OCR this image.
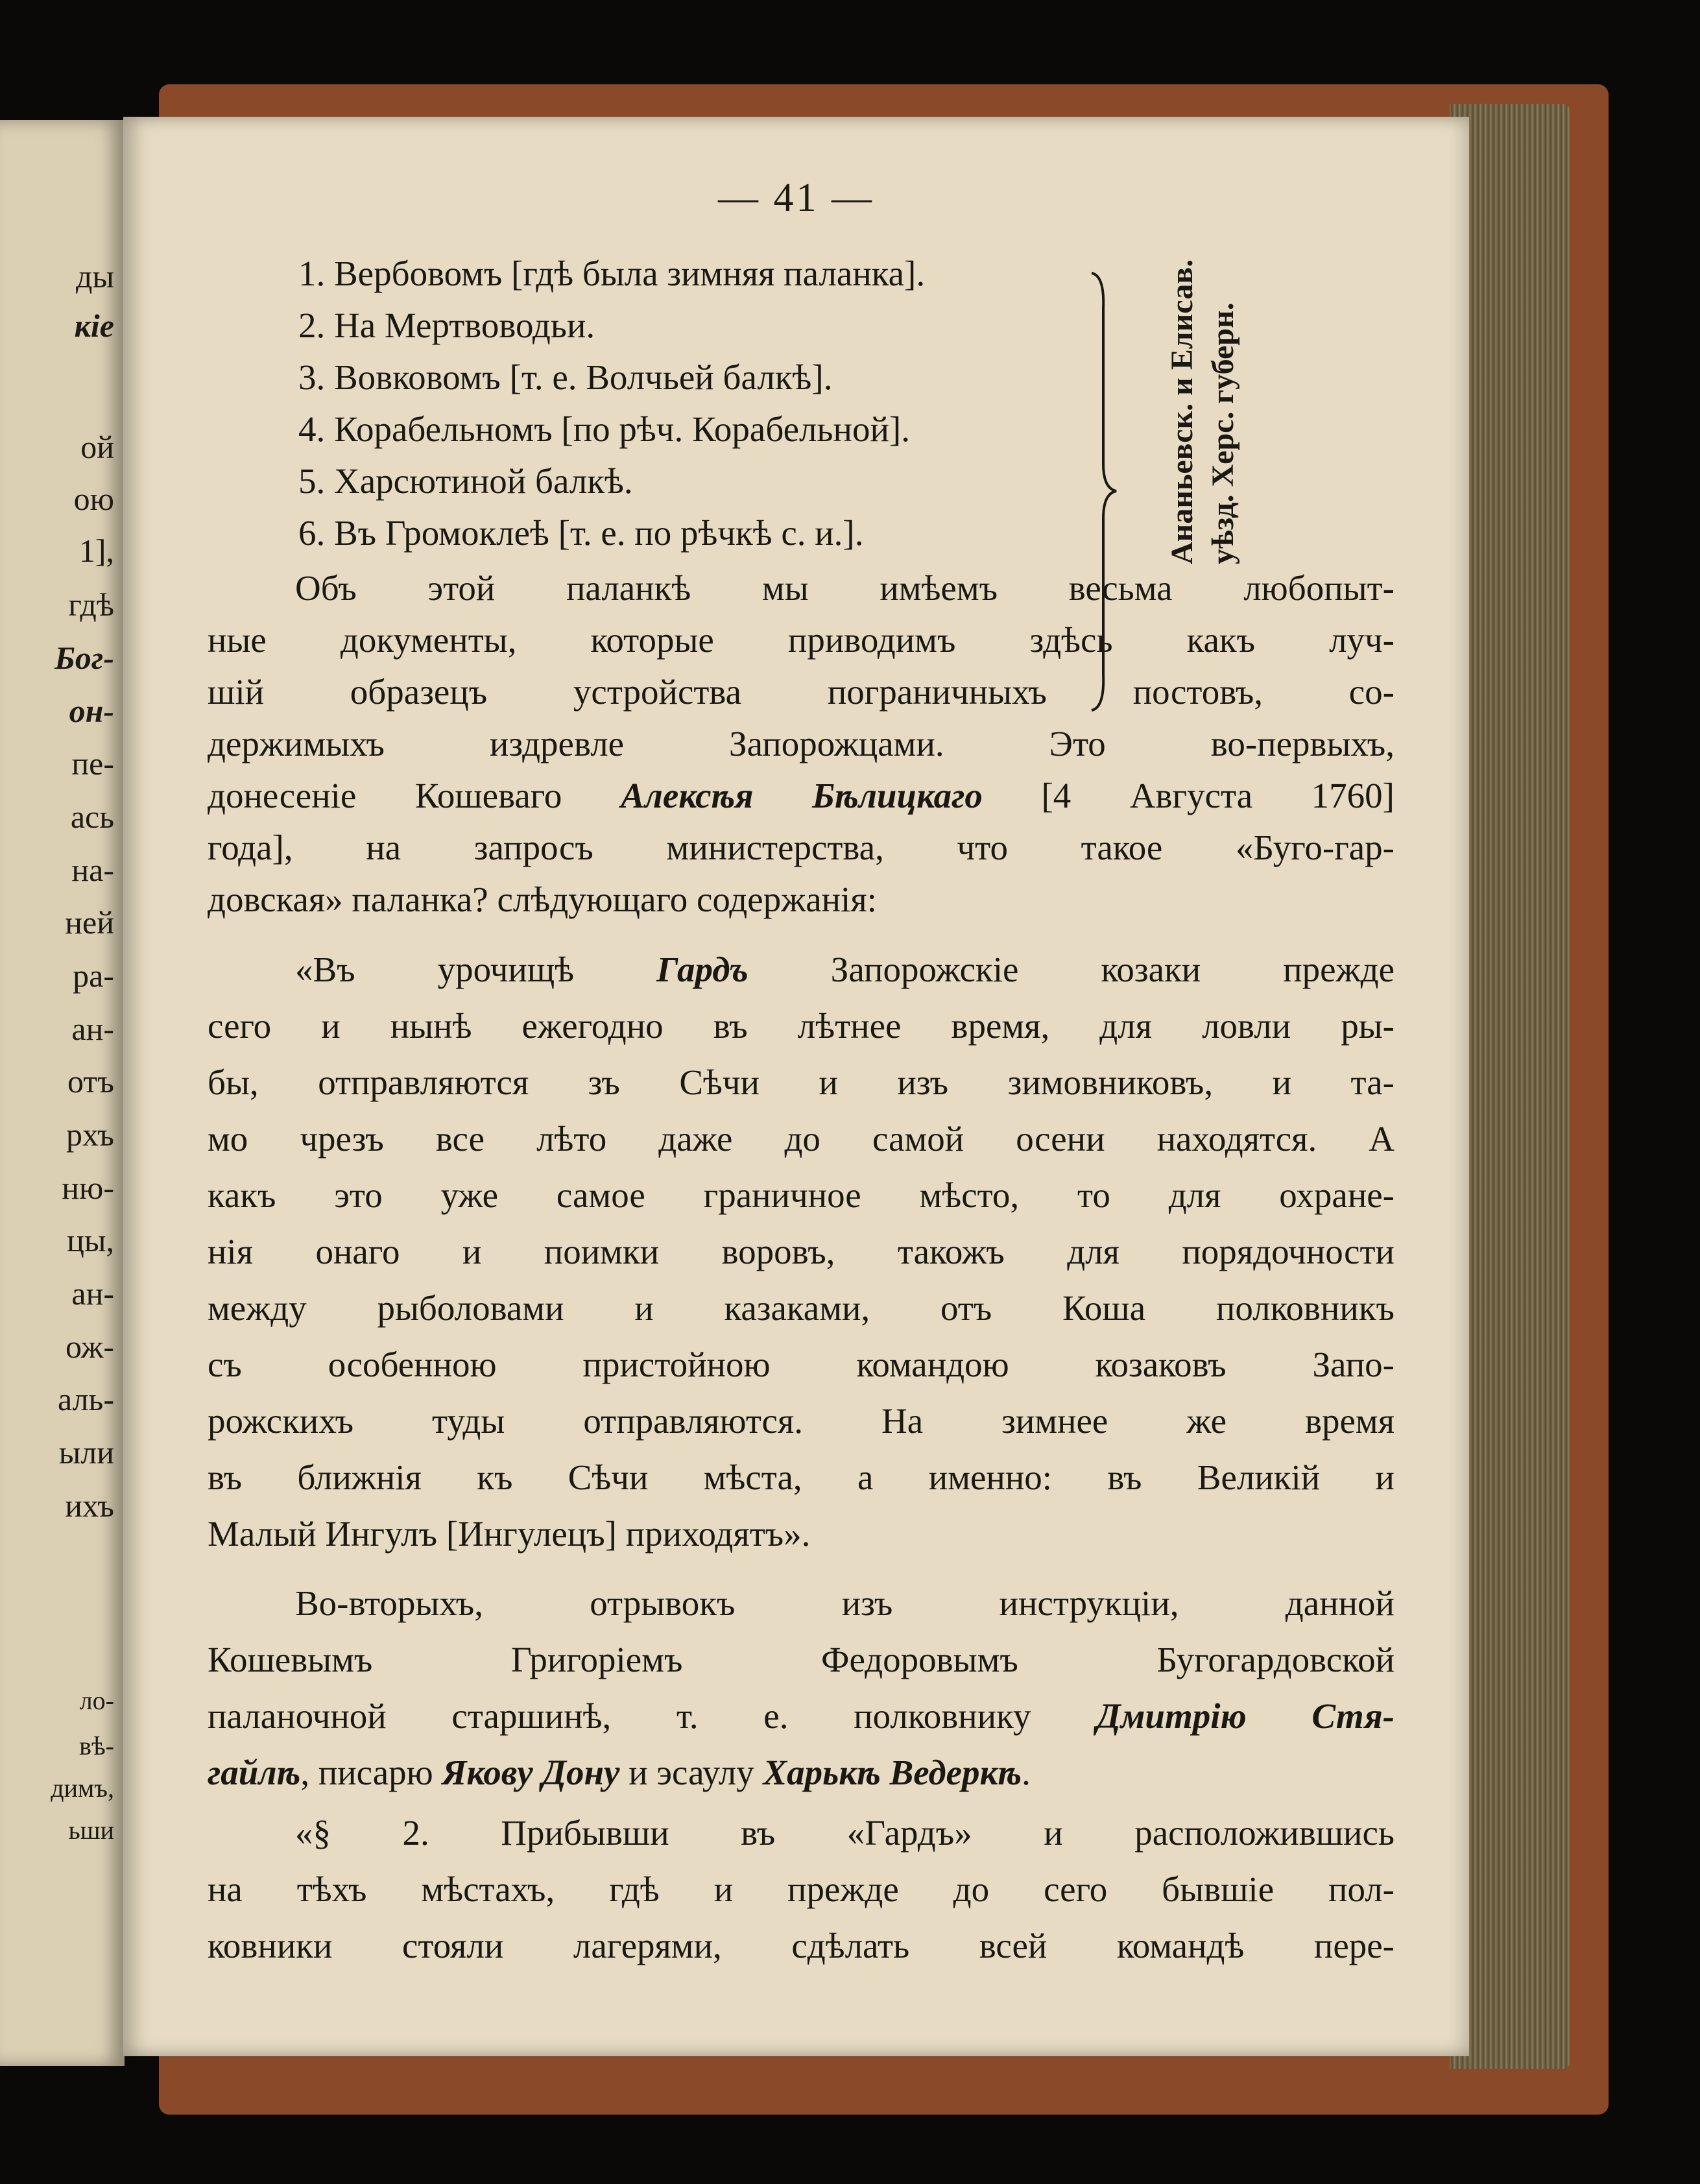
ды
кіе
ой
ою
1],
гдѣ
Бог-
он-
пе-
ась
на-
ней
ра-
ан-
отъ
рхъ
ню-
цы,
ан-
ож-
аль-
ыли
ихъ
ло-
вѣ-
димъ,
ьши
— 41 —
1. Вербовомъ [гдѣ была зимняя паланка].
2. На Мертвоводьи.
3. Вовковомъ [т. е. Волчьей балкѣ].
4. Корабельномъ [по рѣч. Корабельной].
5. Харсютиной балкѣ.
6. Въ Громоклеѣ [т. е. по рѣчкѣ с. и.].	Ананьевск. и Елисав. уѣзд. Херс. губерн.
Объ этой паланкѣ мы имѣемъ весьма любопыт-
ные документы, которые приводимъ здѣсь какъ луч-
шій образецъ устройства пограничныхъ постовъ, со-
держимыхъ издревле Запорожцами. Это во-первыхъ,
донесеніе Кошеваго Алексѣя Бѣлицкаго [4 Августа 1760]
года], на запросъ министерства, что такое «Буго-гар-
довская» паланка? слѣдующаго содержанія:
«Въ урочищѣ Гардъ Запорожскіе козаки прежде
сего и нынѣ ежегодно въ лѣтнее время, для ловли ры-
бы, отправляются зъ Сѣчи и изъ зимовниковъ, и та-
мо чрезъ все лѣто даже до самой осени находятся. А
какъ это уже самое граничное мѣсто, то для охране-
нія онаго и поимки воровъ, такожъ для порядочности
между рыболовами и казаками, отъ Коша полковникъ
съ особенною пристойною командою козаковъ Запо-
рожскихъ туды отправляются. На зимнее же время
въ ближнія къ Сѣчи мѣста, а именно: въ Великій и
Малый Ингулъ [Ингулецъ] приходятъ».
Во-вторыхъ, отрывокъ изъ инструкціи, данной
Кошевымъ Григоріемъ Федоровымъ Бугогардовской
паланочной старшинѣ, т. е. полковнику Дмитрію Стя-
гайлѣ, писарю Якову Дону и эсаулу Харькѣ Ведеркѣ.
«§ 2. Прибывши въ «Гардъ» и расположившись
на тѣхъ мѣстахъ, гдѣ и прежде до сего бывшіе пол-
ковники стояли лагерями, сдѣлать всей командѣ пере-
